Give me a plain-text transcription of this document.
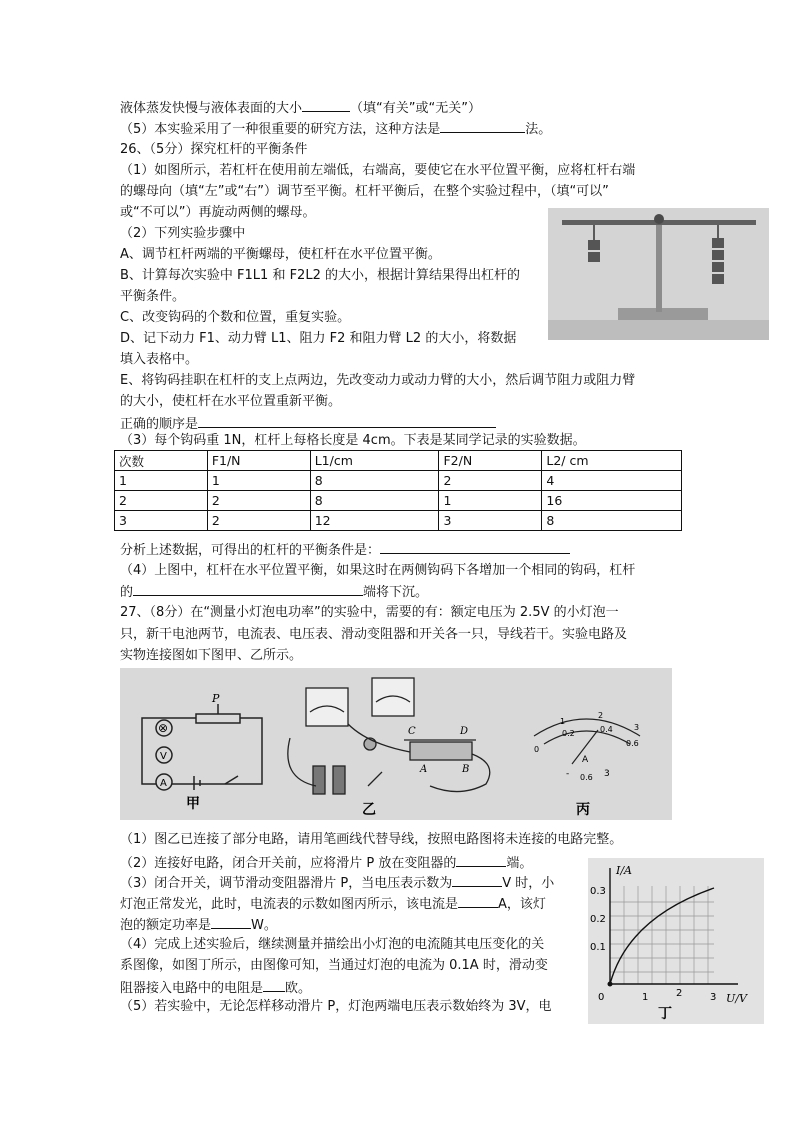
液体蒸发快慢与液体表面的大小	（填“有关”或“无关”）
（5）本实验采用了一种很重要的研究方法，这种方法是	法。
26、（5分）探究杠杆的平衡条件
（1）如图所示，若杠杆在使用前左端低，右端高，要使它在水平位置平衡，应将杠杆右端
的螺母向（填“左”或“右”）调节至平衡。杠杆平衡后，在整个实验过程中，（填“可以”
或“不可以”）再旋动两侧的螺母。
（2）下列实验步骤中
A、调节杠杆两端的平衡螺母，使杠杆在水平位置平衡。
B、计算每次实验中 F1L1 和 F2L2 的大小，根据计算结果得出杠杆的
平衡条件。
C、改变钩码的个数和位置，重复实验。
D、记下动力 F1、动力臂 L1、阻力 F2 和阻力臂 L2 的大小，将数据
填入表格中。
E、将钩码挂职在杠杆的支上点两边，先改变动力或动力臂的大小，然后调节阻力或阻力臂
的大小，使杠杆在水平位置重新平衡。
正确的顺序是
（3）每个钩码重 1N，杠杆上每格长度是 4cm。下表是某同学记录的实验数据。
次数	F1/N	L1/cm	F2/N	L2/ cm
1	1	8	2	4
2	2	8	1	16
3	2	12	3	8
分析上述数据，可得出的杠杆的平衡条件是：
（4）上图中，杠杆在水平位置平衡，如果这时在两侧钩码下各增加一个相同的钩码，杠杆
的	端将下沉。
27、（8分）在“测量小灯泡电功率”的实验中，需要的有：额定电压为 2.5V 的小灯泡一
只，新干电池两节，电流表、电压表、滑动变阻器和开关各一只，导线若干。实验电路及
实物连接图如下图甲、乙所示。
P
⊗
V
A
甲
C	D
A	B
乙
0
0.2	0.4
0.6
1
2
3
A
- 0.6 3
丙
（1）图乙已连接了部分电路，请用笔画线代替导线，按照电路图将未连接的电路完整。
（2）连接好电路，闭合开关前，应将滑片 P 放在变阻器的	端。
（3）闭合开关，调节滑动变阻器滑片 P，当电压表示数为	V 时，小
灯泡正常发光，此时，电流表的示数如图丙所示，该电流是	A，该灯
泡的额定功率是	W。
（4）完成上述实验后，继续测量并描绘出小灯泡的电流随其电压变化的关
系图像，如图丁所示，由图像可知，当通过灯泡的电流为 0.1A 时，滑动变
阻器接入电路中的电阻是 欧。
（5）若实验中，无论怎样移动滑片 P，灯泡两端电压表示数始终为 3V，电
I/A
U/V
0.3
0.2
0.1
0	1	2	3
丁
